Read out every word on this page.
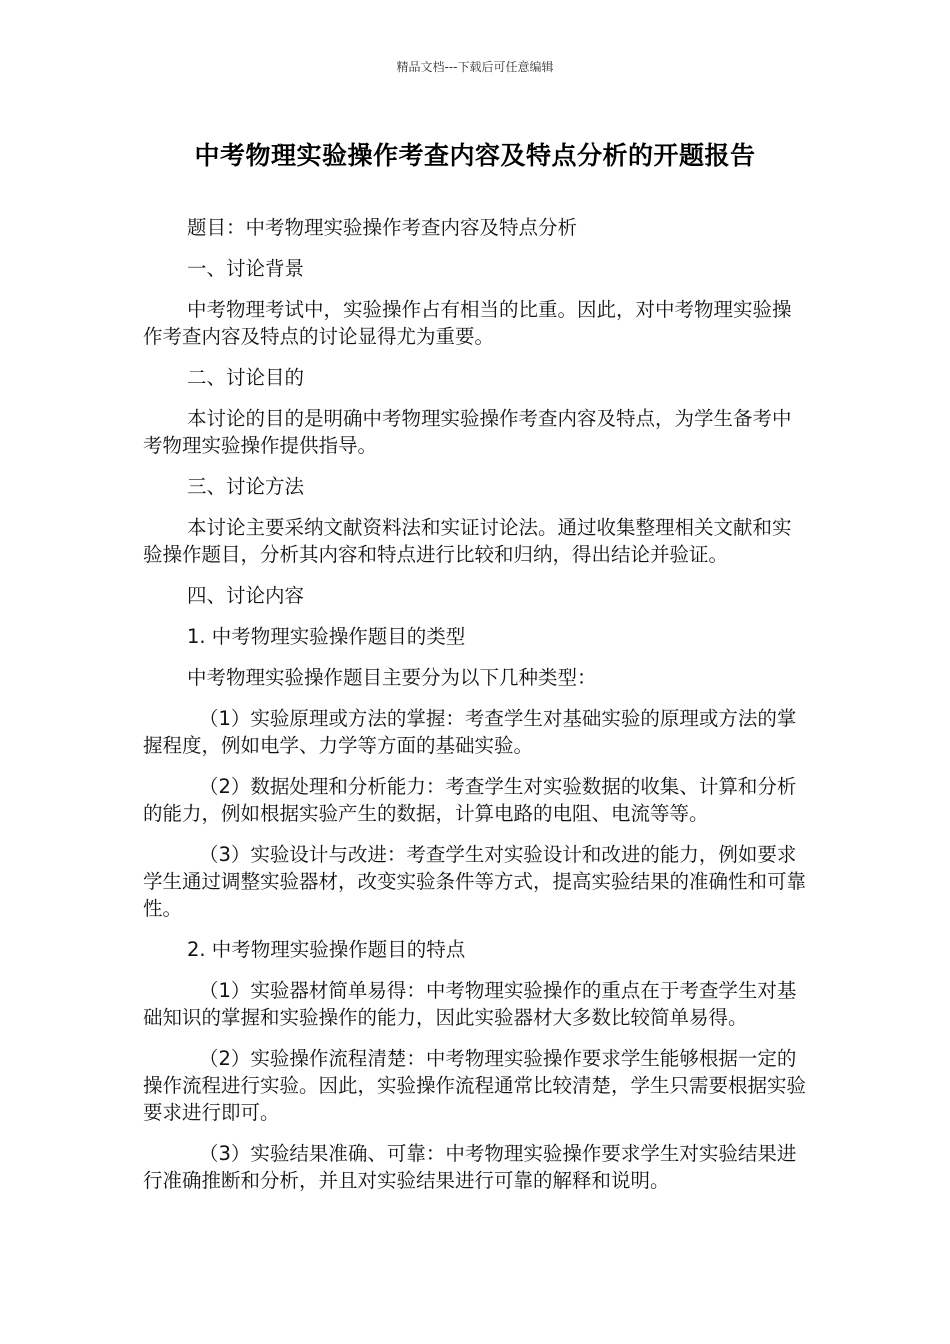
精品文档---下载后可任意编辑
中考物理实验操作考查内容及特点分析的开题报告

题目：中考物理实验操作考查内容及特点分析

一、讨论背景

中考物理考试中，实验操作占有相当的比重。因此，对中考物理实验操作考查内容及特点的讨论显得尤为重要。

二、讨论目的

本讨论的目的是明确中考物理实验操作考查内容及特点，为学生备考中考物理实验操作提供指导。

三、讨论方法

本讨论主要采纳文献资料法和实证讨论法。通过收集整理相关文献和实验操作题目，分析其内容和特点进行比较和归纳，得出结论并验证。

四、讨论内容

1. 中考物理实验操作题目的类型

中考物理实验操作题目主要分为以下几种类型：

（1）实验原理或方法的掌握：考查学生对基础实验的原理或方法的掌握程度，例如电学、力学等方面的基础实验。

（2）数据处理和分析能力：考查学生对实验数据的收集、计算和分析的能力，例如根据实验产生的数据，计算电路的电阻、电流等等。

（3）实验设计与改进：考查学生对实验设计和改进的能力，例如要求学生通过调整实验器材，改变实验条件等方式，提高实验结果的准确性和可靠性。

2. 中考物理实验操作题目的特点

（1）实验器材简单易得：中考物理实验操作的重点在于考查学生对基础知识的掌握和实验操作的能力，因此实验器材大多数比较简单易得。

（2）实验操作流程清楚：中考物理实验操作要求学生能够根据一定的操作流程进行实验。因此，实验操作流程通常比较清楚，学生只需要根据实验要求进行即可。

（3）实验结果准确、可靠：中考物理实验操作要求学生对实验结果进行准确推断和分析，并且对实验结果进行可靠的解释和说明。
